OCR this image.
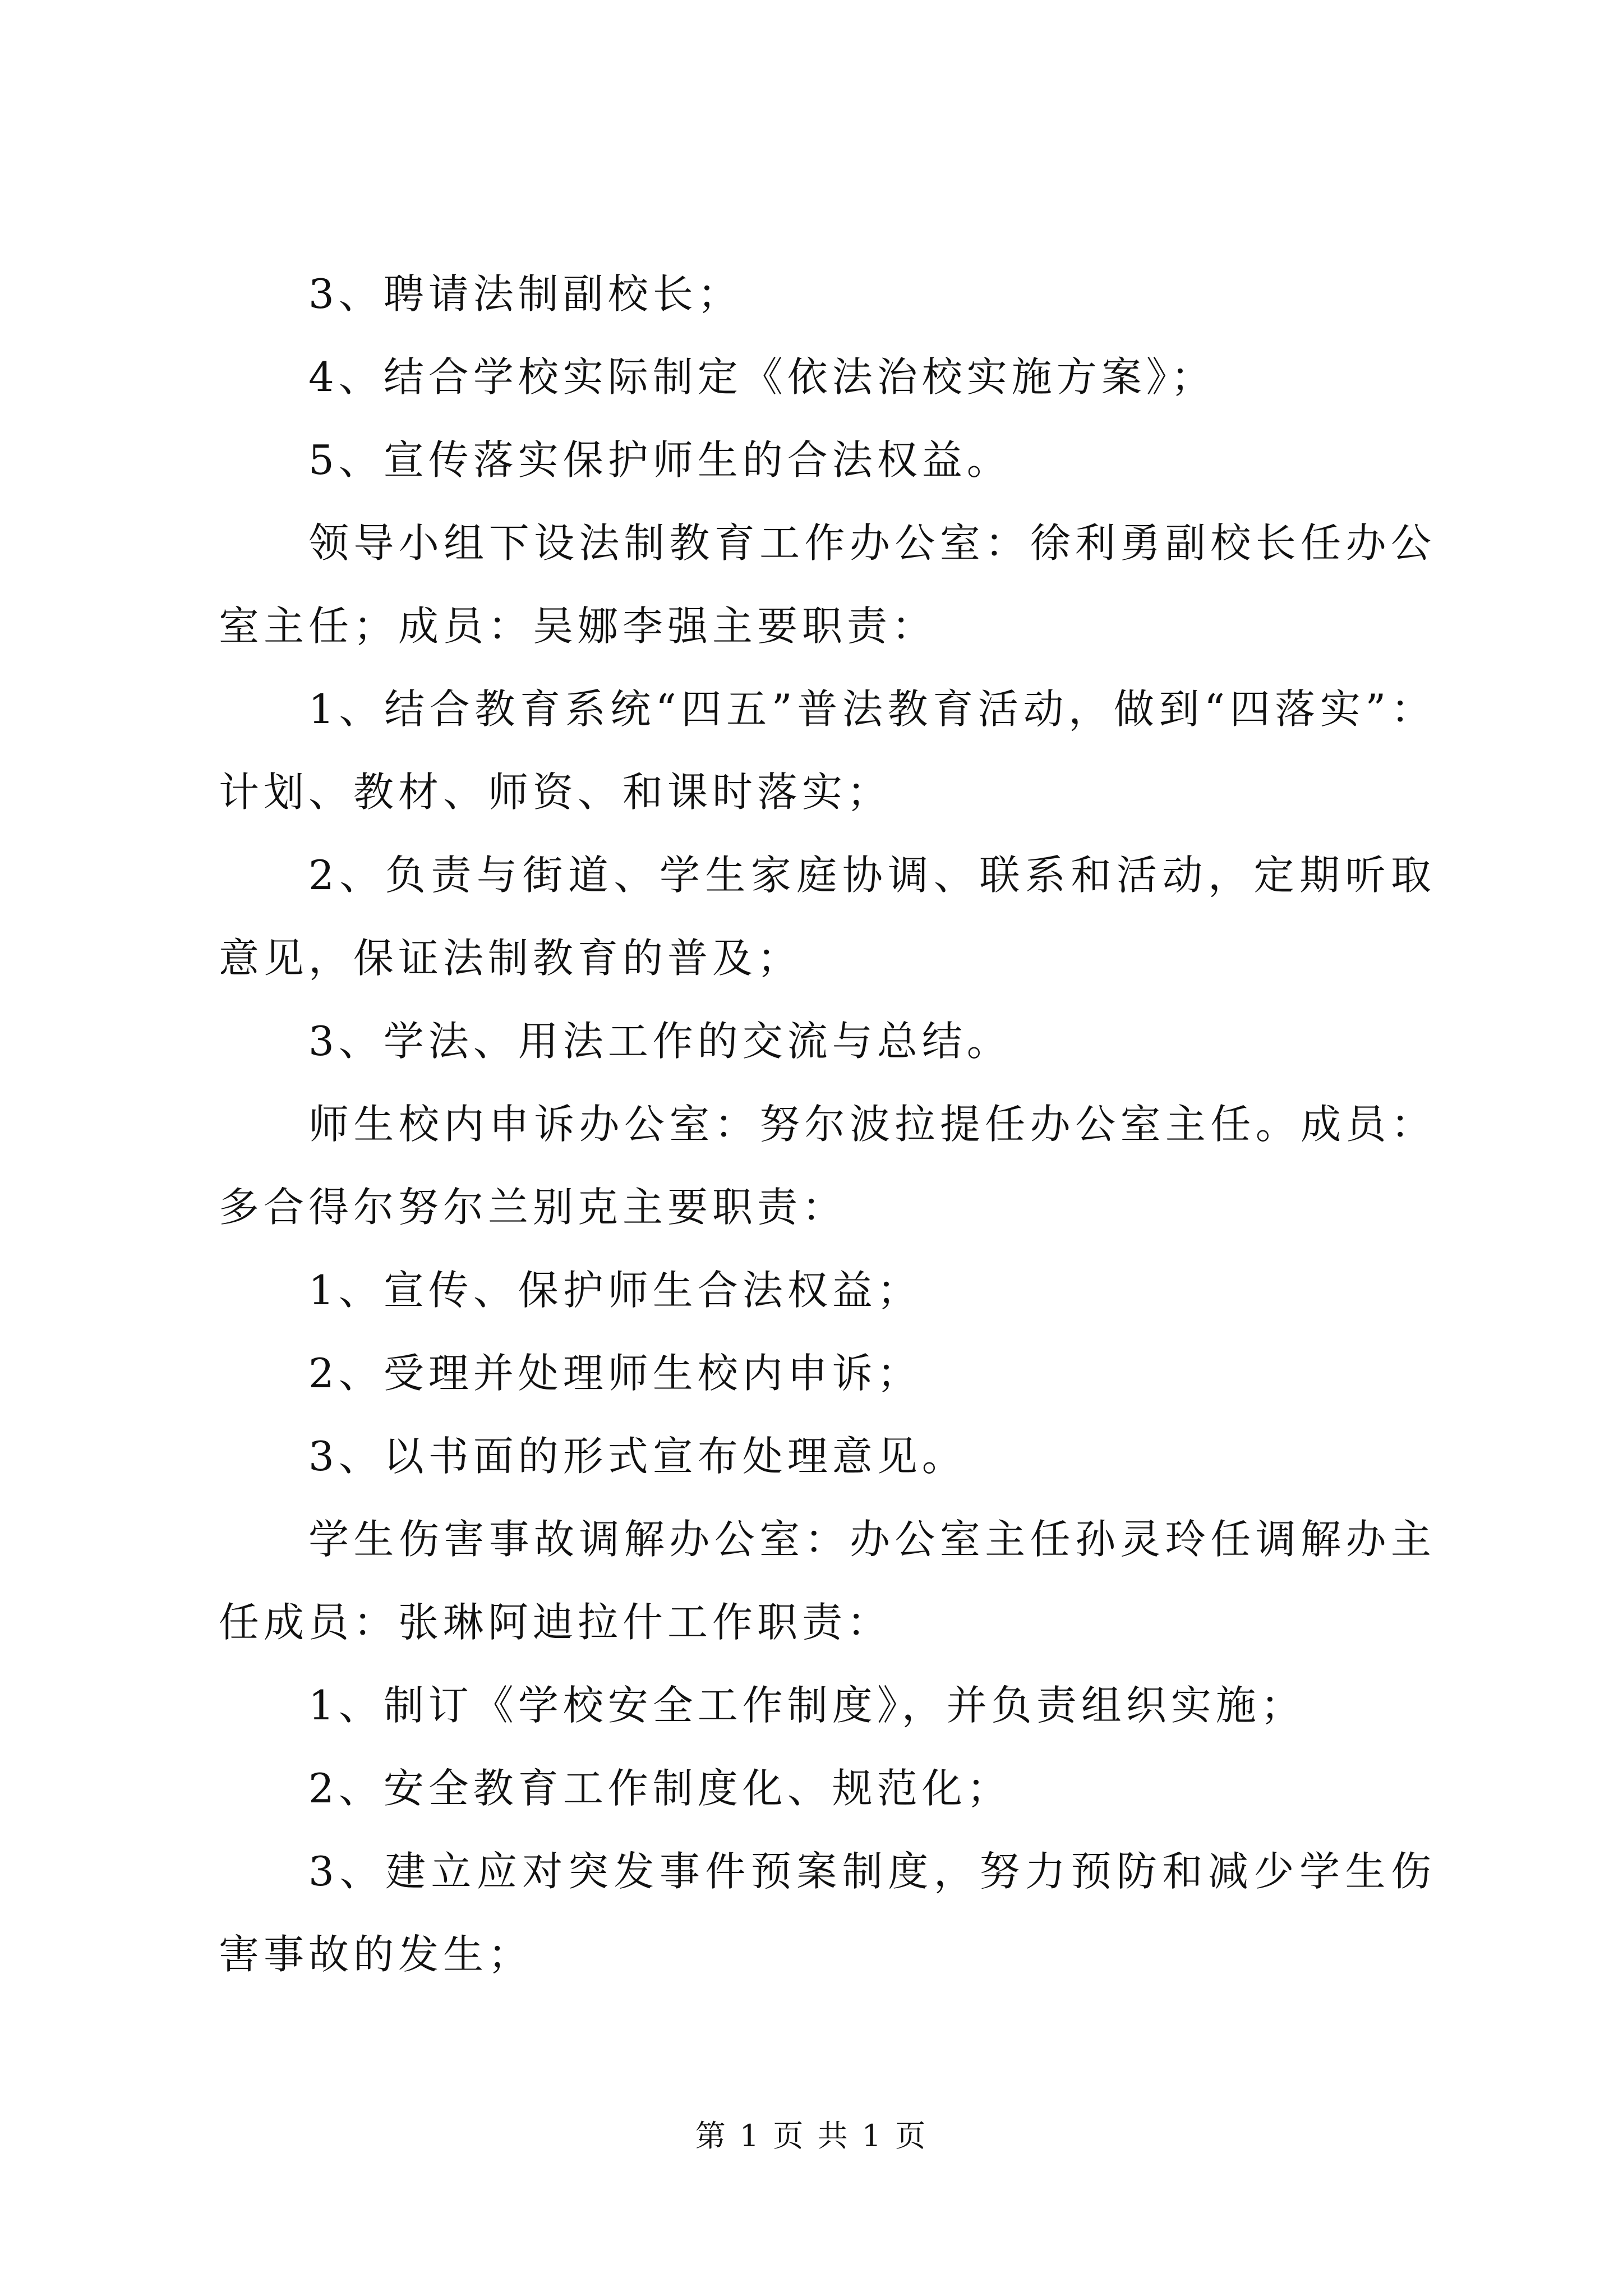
3、聘请法制副校长；

4、结合学校实际制定《依法治校实施方案》；

5、宣传落实保护师生的合法权益。

领导小组下设法制教育工作办公室：徐利勇副校长任办公室主任；成员：吴娜李强主要职责：

1、结合教育系统“四五”普法教育活动，做到“四落实”：计划、教材、师资、和课时落实；

2、负责与街道、学生家庭协调、联系和活动，定期听取意见，保证法制教育的普及；

3、学法、用法工作的交流与总结。

师生校内申诉办公室：努尔波拉提任办公室主任。成员：多合得尔努尔兰别克主要职责：

1、宣传、保护师生合法权益；

2、受理并处理师生校内申诉；

3、以书面的形式宣布处理意见。

学生伤害事故调解办公室：办公室主任孙灵玲任调解办主任成员：张琳阿迪拉什工作职责：

1、制订《学校安全工作制度》，并负责组织实施；

2、安全教育工作制度化、规范化；

3、建立应对突发事件预案制度，努力预防和减少学生伤害事故的发生；

第 1 页 共 1 页
